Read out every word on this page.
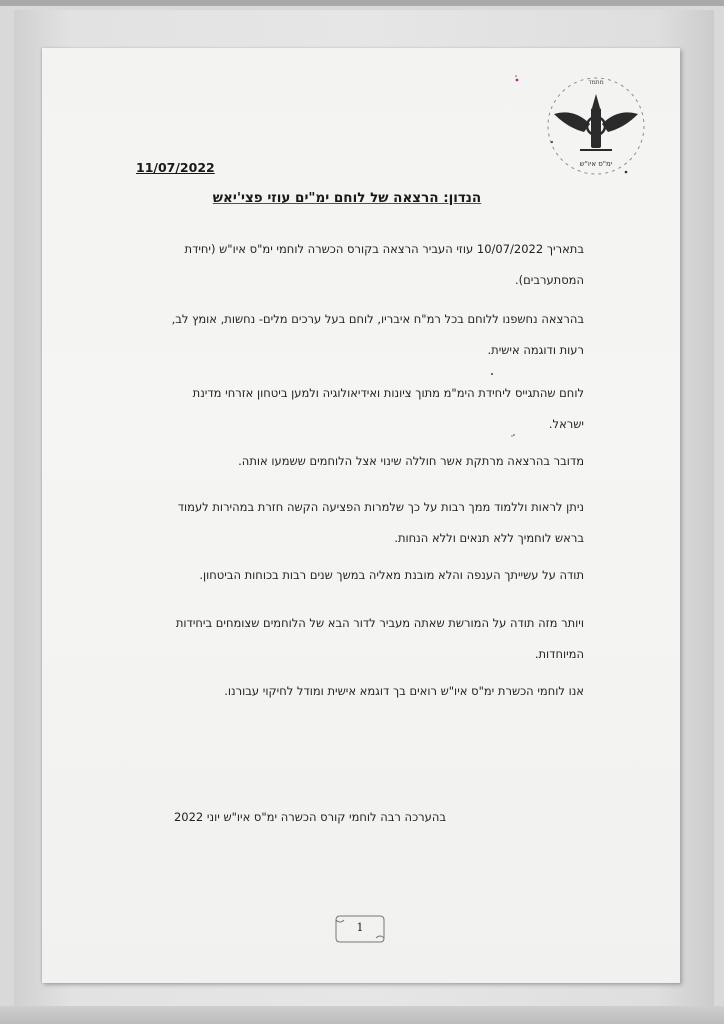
ימ"ס איו"ש
מתמד
11/07/2022
הנדון: הרצאה של לוחם ימ"ים עוזי פצי'יאש
בתאריך 10/07/2022 עוזי העביר הרצאה בקורס הכשרה לוחמי ימ"ס איו"ש (יחידת המסתערבים).
בהרצאה נחשפנו ללוחם בכל רמ"ח איבריו, לוחם בעל ערכים מלים- נחשות, אומץ לב, רעות ודוגמה אישית.
לוחם שהתגייס ליחידת הימ"מ מתוך ציונות ואידיאולוגיה ולמען ביטחון אזרחי מדינת ישראל.
מדובר בהרצאה מרתקת אשר חוללה שינוי אצל הלוחמים ששמעו אותה.
ניתן לראות וללמוד ממך רבות על כך שלמרות הפציעה הקשה חזרת במהירות לעמוד בראש לוחמיך ללא תנאים וללא הנחות.
תודה על עשייתך הענפה והלא מובנת מאליה במשך שנים רבות בכוחות הביטחון.
ויותר מזה תודה על המורשת שאתה מעביר לדור הבא של הלוחמים שצומחים ביחידות המיוחדות.
אנו לוחמי הכשרת ימ"ס איו"ש רואים בך דוגמא אישית ומודל לחיקוי עבורנו.
בהערכה רבה לוחמי קורס הכשרה ימ"ס איו"ש יוני 2022
1
